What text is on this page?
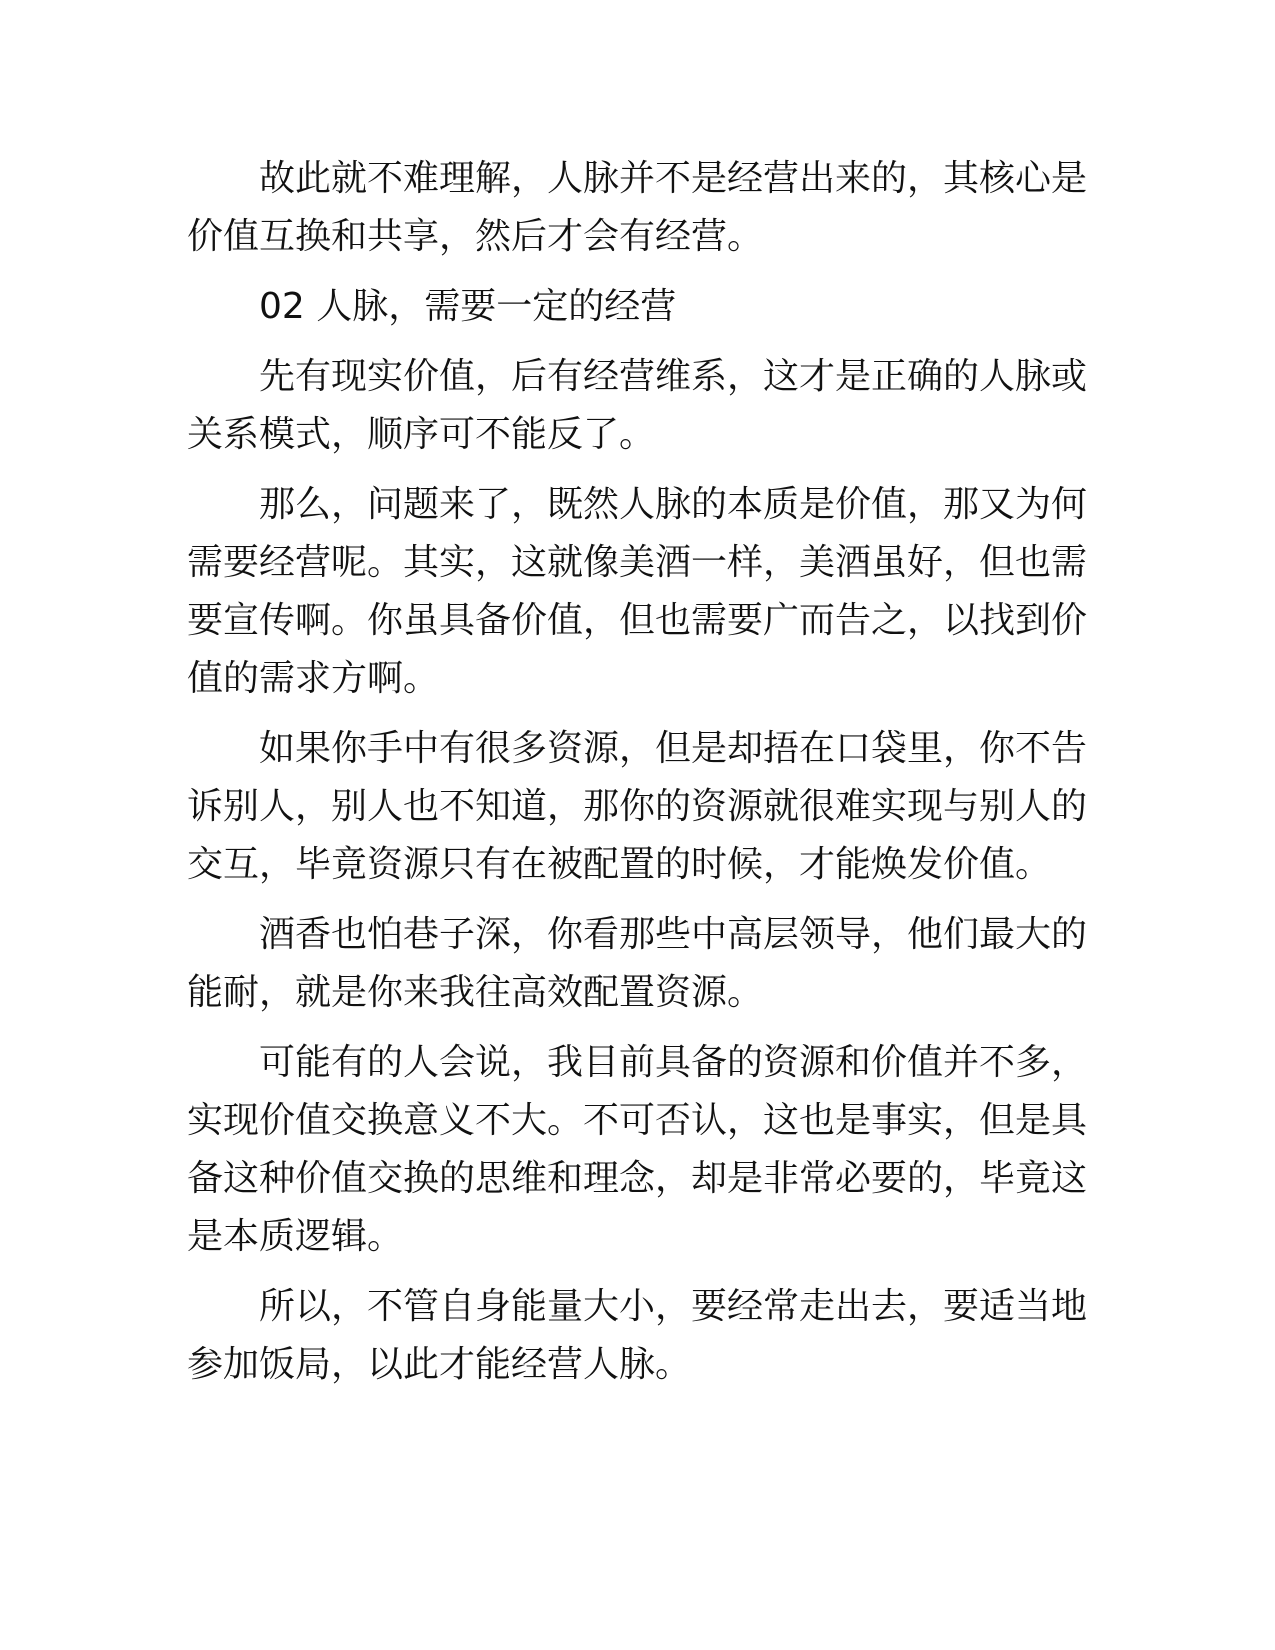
故此就不难理解，人脉并不是经营出来的，其核心是价值互换和共享，然后才会有经营。

02 人脉，需要一定的经营

先有现实价值，后有经营维系，这才是正确的人脉或关系模式，顺序可不能反了。

那么，问题来了，既然人脉的本质是价值，那又为何需要经营呢。其实，这就像美酒一样，美酒虽好，但也需要宣传啊。你虽具备价值，但也需要广而告之，以找到价值的需求方啊。

如果你手中有很多资源，但是却捂在口袋里，你不告诉别人，别人也不知道，那你的资源就很难实现与别人的交互，毕竟资源只有在被配置的时候，才能焕发价值。

酒香也怕巷子深，你看那些中高层领导，他们最大的能耐，就是你来我往高效配置资源。

可能有的人会说，我目前具备的资源和价值并不多，实现价值交换意义不大。不可否认，这也是事实，但是具备这种价值交换的思维和理念，却是非常必要的，毕竟这是本质逻辑。

所以，不管自身能量大小，要经常走出去，要适当地参加饭局，以此才能经营人脉。
